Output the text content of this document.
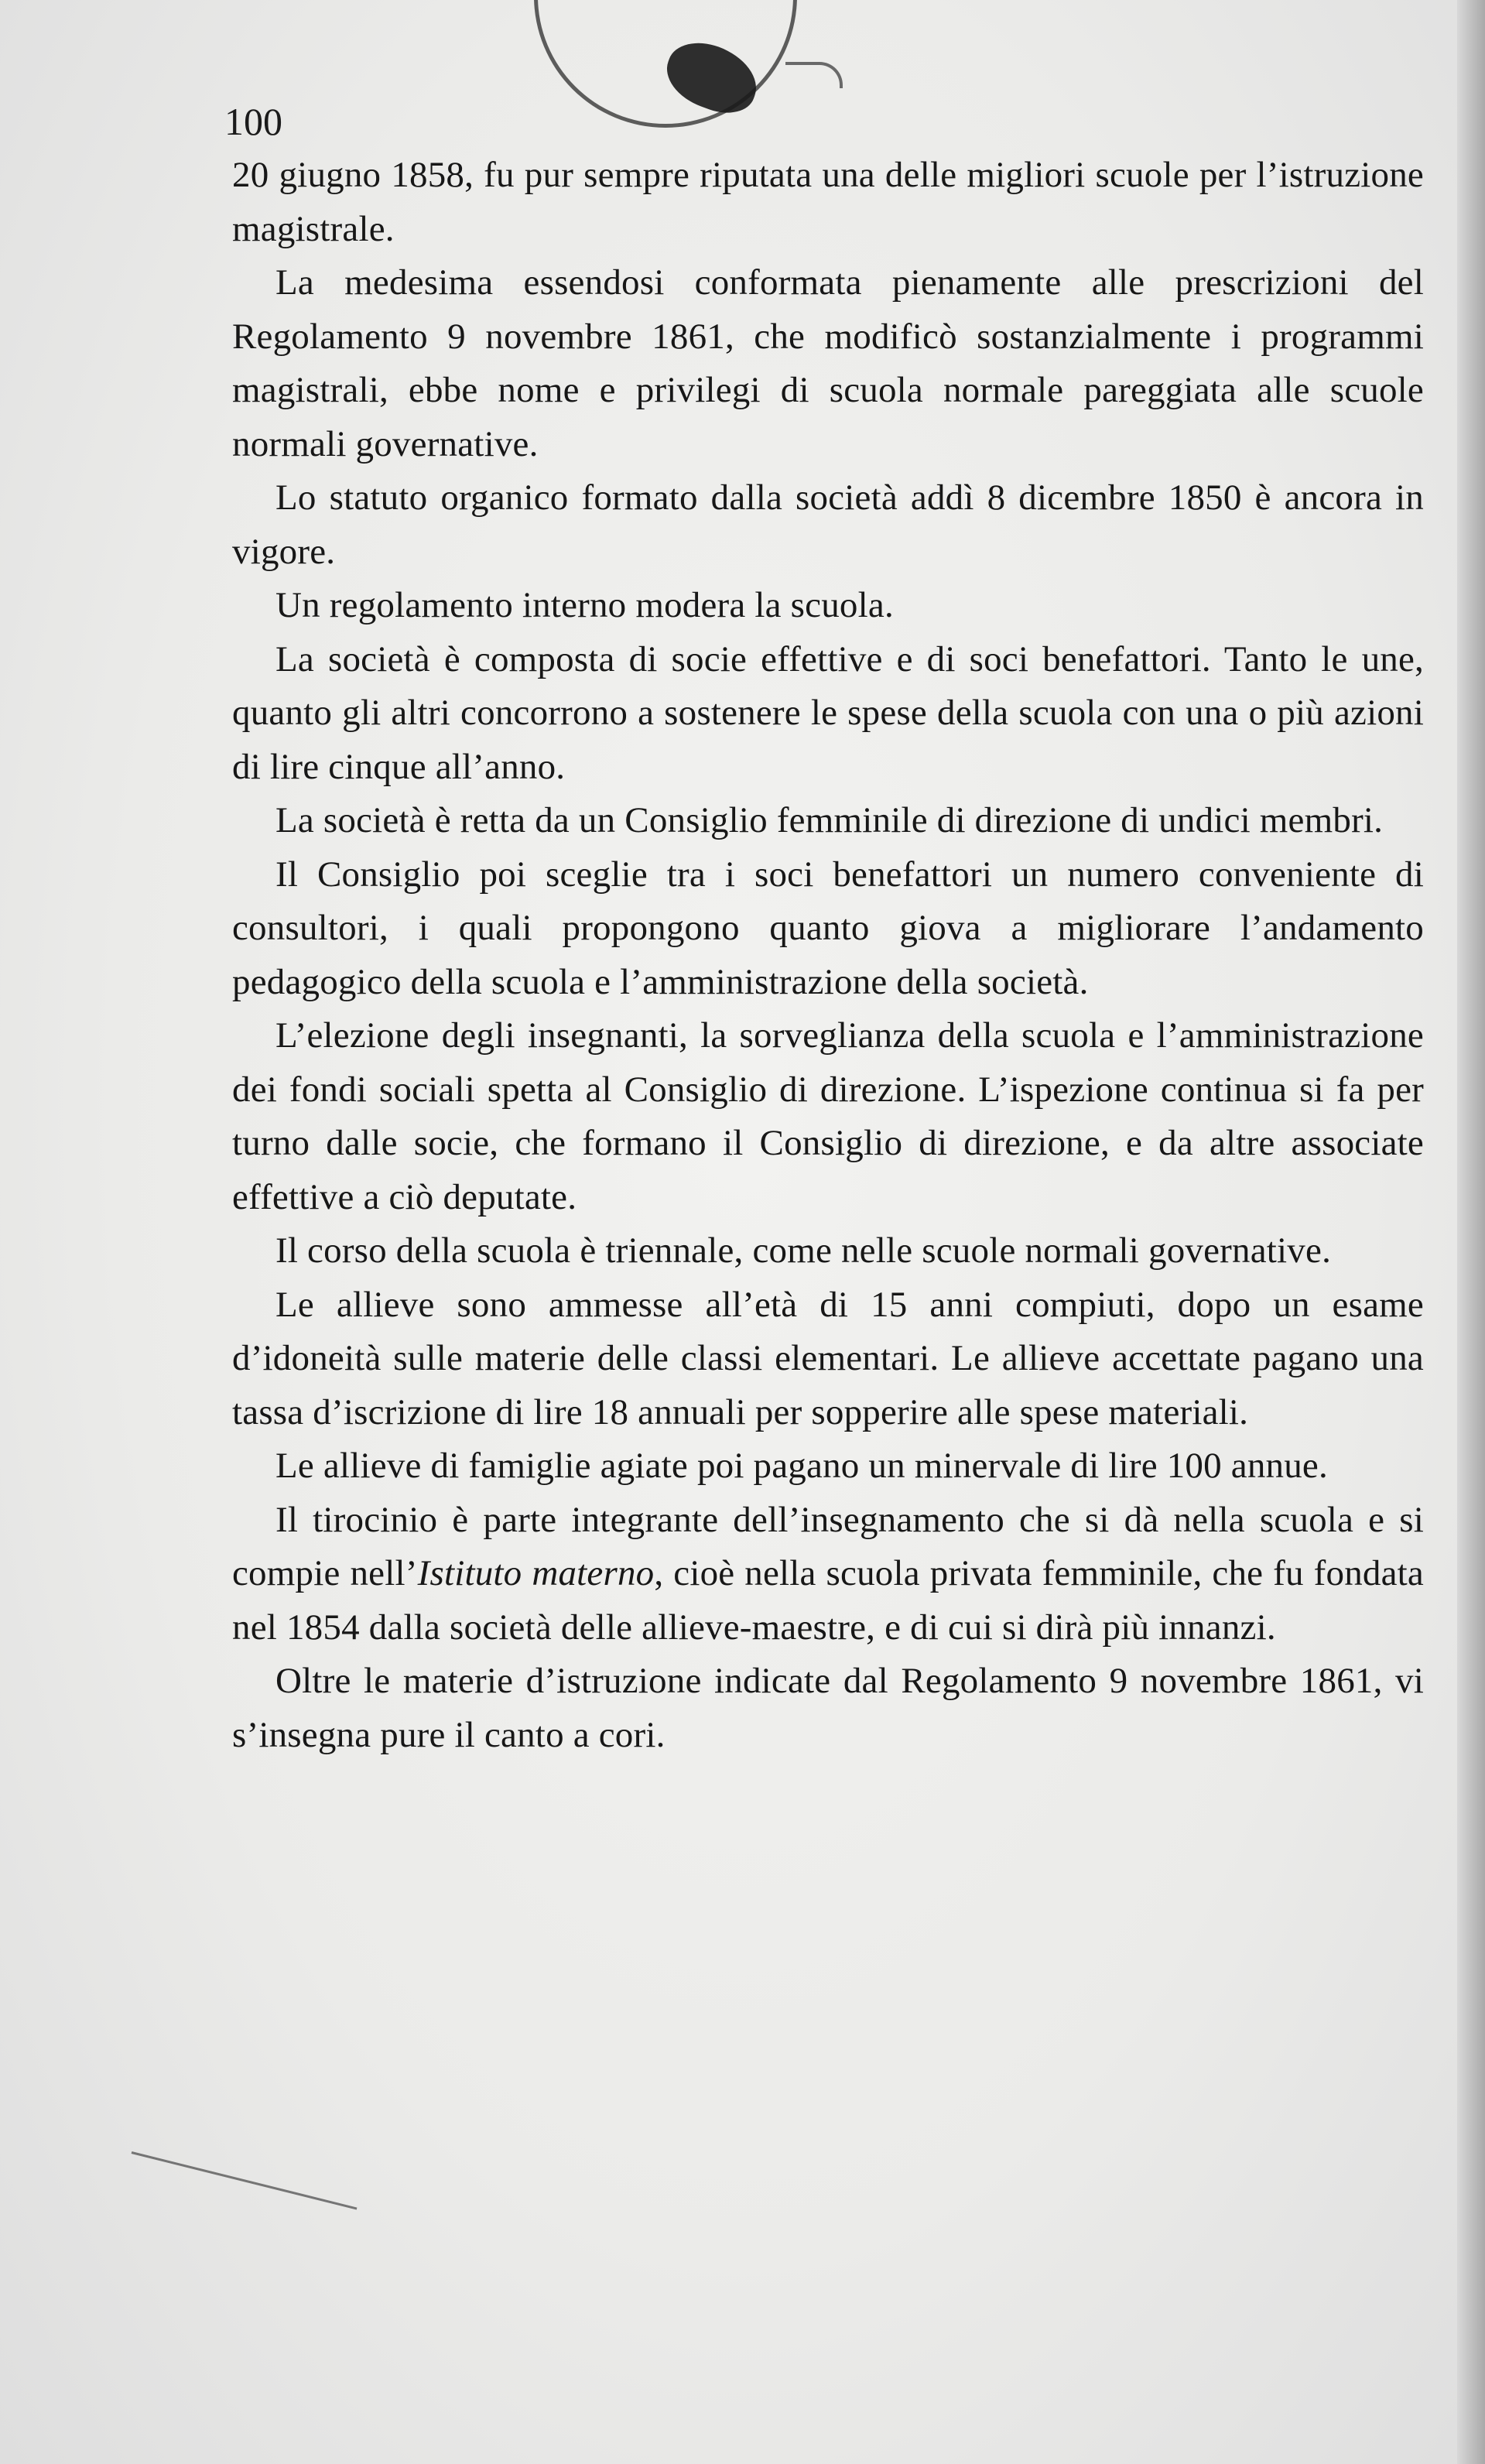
100

20 giugno 1858, fu pur sempre riputata una delle migliori scuole per l’istruzione magistrale.

La medesima essendosi conformata pienamente alle prescrizioni del Regolamento 9 novembre 1861, che modificò sostanzialmente i programmi magistrali, ebbe nome e privilegi di scuola normale pareggiata alle scuole normali governative.

Lo statuto organico formato dalla società addì 8 dicembre 1850 è ancora in vigore.

Un regolamento interno modera la scuola.

La società è composta di socie effettive e di soci benefattori. Tanto le une, quanto gli altri concorrono a sostenere le spese della scuola con una o più azioni di lire cinque all’anno.

La società è retta da un Consiglio femminile di direzione di undici membri.

Il Consiglio poi sceglie tra i soci benefattori un numero conveniente di consultori, i quali propongono quanto giova a migliorare l’andamento pedagogico della scuola e l’amministrazione della società.

L’elezione degli insegnanti, la sorveglianza della scuola e l’amministrazione dei fondi sociali spetta al Consiglio di direzione. L’ispezione continua si fa per turno dalle socie, che formano il Consiglio di direzione, e da altre associate effettive a ciò deputate.

Il corso della scuola è triennale, come nelle scuole normali governative.

Le allieve sono ammesse all’età di 15 anni compiuti, dopo un esame d’idoneità sulle materie delle classi elementari. Le allieve accettate pagano una tassa d’iscrizione di lire 18 annuali per sopperire alle spese materiali.

Le allieve di famiglie agiate poi pagano un minervale di lire 100 annue.

Il tirocinio è parte integrante dell’insegnamento che si dà nella scuola e si compie nell’Istituto materno, cioè nella scuola privata femminile, che fu fondata nel 1854 dalla società delle allieve-maestre, e di cui si dirà più innanzi.

Oltre le materie d’istruzione indicate dal Regolamento 9 novembre 1861, vi s’insegna pure il canto a cori.
